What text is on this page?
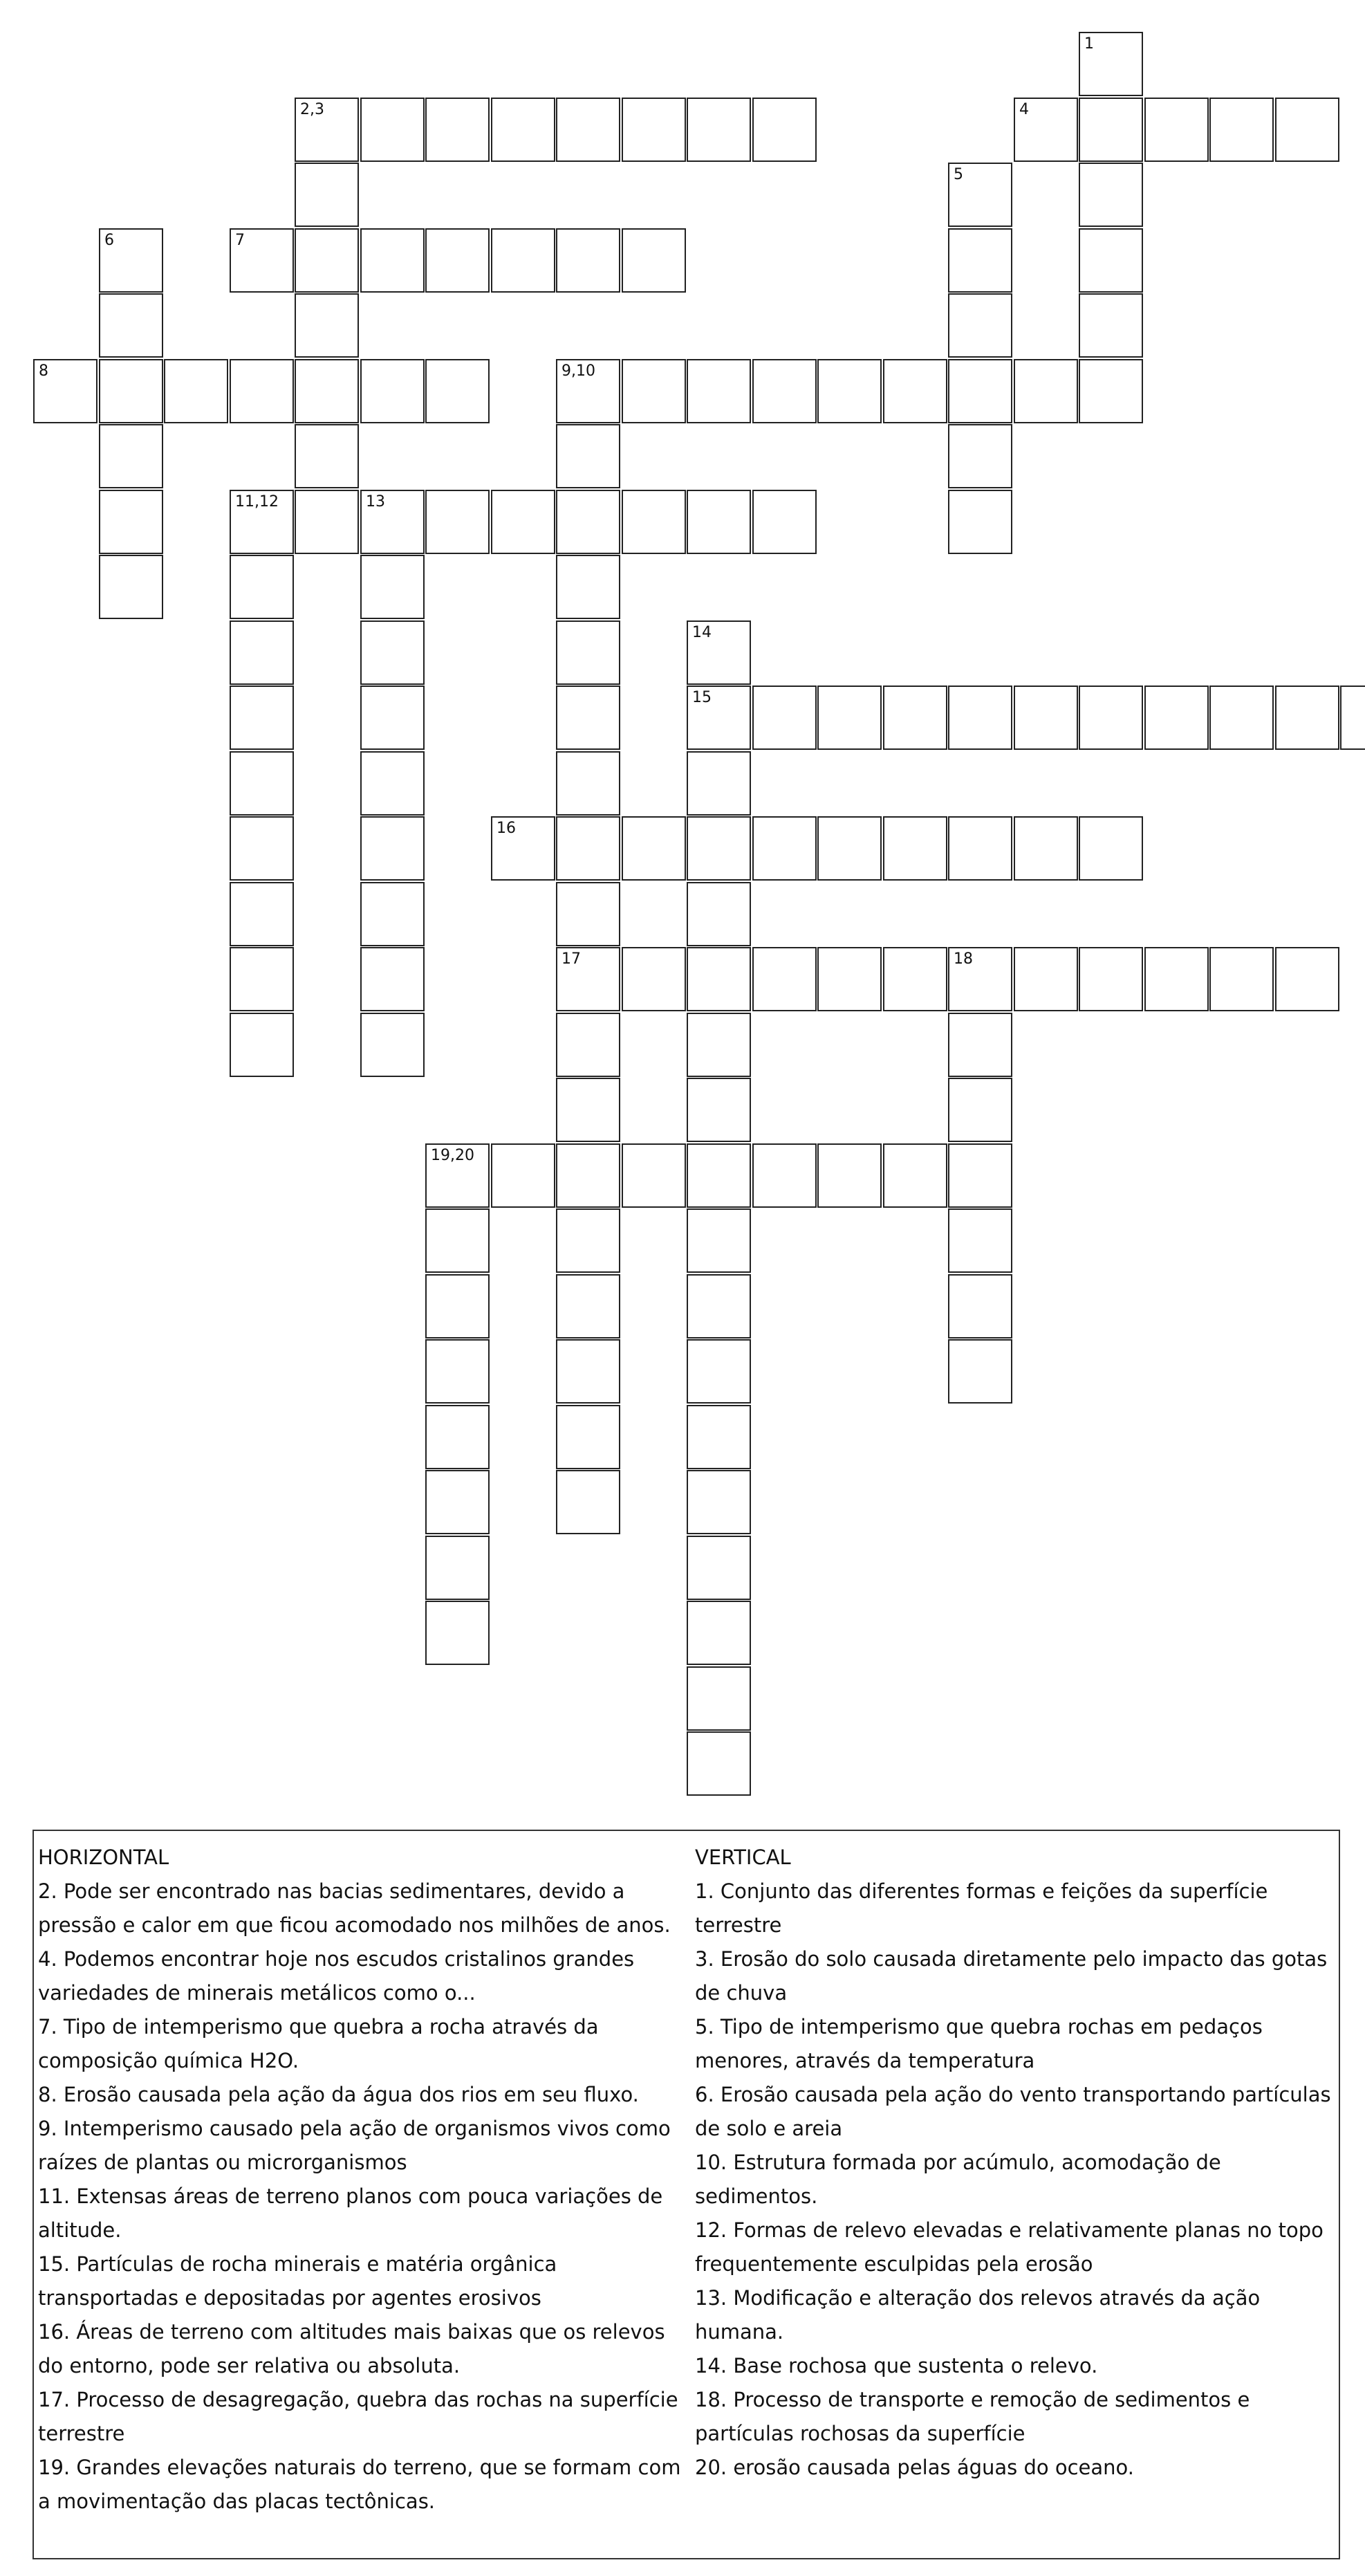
2,3	4
1
5
6	7
8	9,10
17
11,12	13
14
15
16
18
19,20
HORIZONTAL
2. Pode ser encontrado nas bacias sedimentares, devido a pressão e calor em que ficou acomodado nos milhões de anos.
4. Podemos encontrar hoje nos escudos cristalinos grandes variedades de minerais metálicos como o...
7. Tipo de intemperismo que quebra a rocha através da composição química H2O.
8. Erosão causada pela ação da água dos rios em seu fluxo.
9. Intemperismo causado pela ação de organismos vivos como raízes de plantas ou microrganismos
11. Extensas áreas de terreno planos com pouca variações de altitude.
15. Partículas de rocha minerais e matéria orgânica transportadas e depositadas por agentes erosivos
16. Áreas de terreno com altitudes mais baixas que os relevos do entorno, pode ser relativa ou absoluta.
17. Processo de desagregação, quebra das rochas na superfície terrestre
19. Grandes elevações naturais do terreno, que se formam com a movimentação das placas tectônicas.
VERTICAL
1. Conjunto das diferentes formas e feições da superfície terrestre
3. Erosão do solo causada diretamente pelo impacto das gotas de chuva
5. Tipo de intemperismo que quebra rochas em pedaços menores, através da temperatura
6. Erosão causada pela ação do vento transportando partículas de solo e areia
10. Estrutura formada por acúmulo, acomodação de sedimentos.
12. Formas de relevo elevadas e relativamente planas no topo frequentemente esculpidas pela erosão
13. Modificação e alteração dos relevos através da ação humana.
14. Base rochosa que sustenta o relevo.
18. Processo de transporte e remoção de sedimentos e partículas rochosas da superfície
20. erosão causada pelas águas do oceano.
